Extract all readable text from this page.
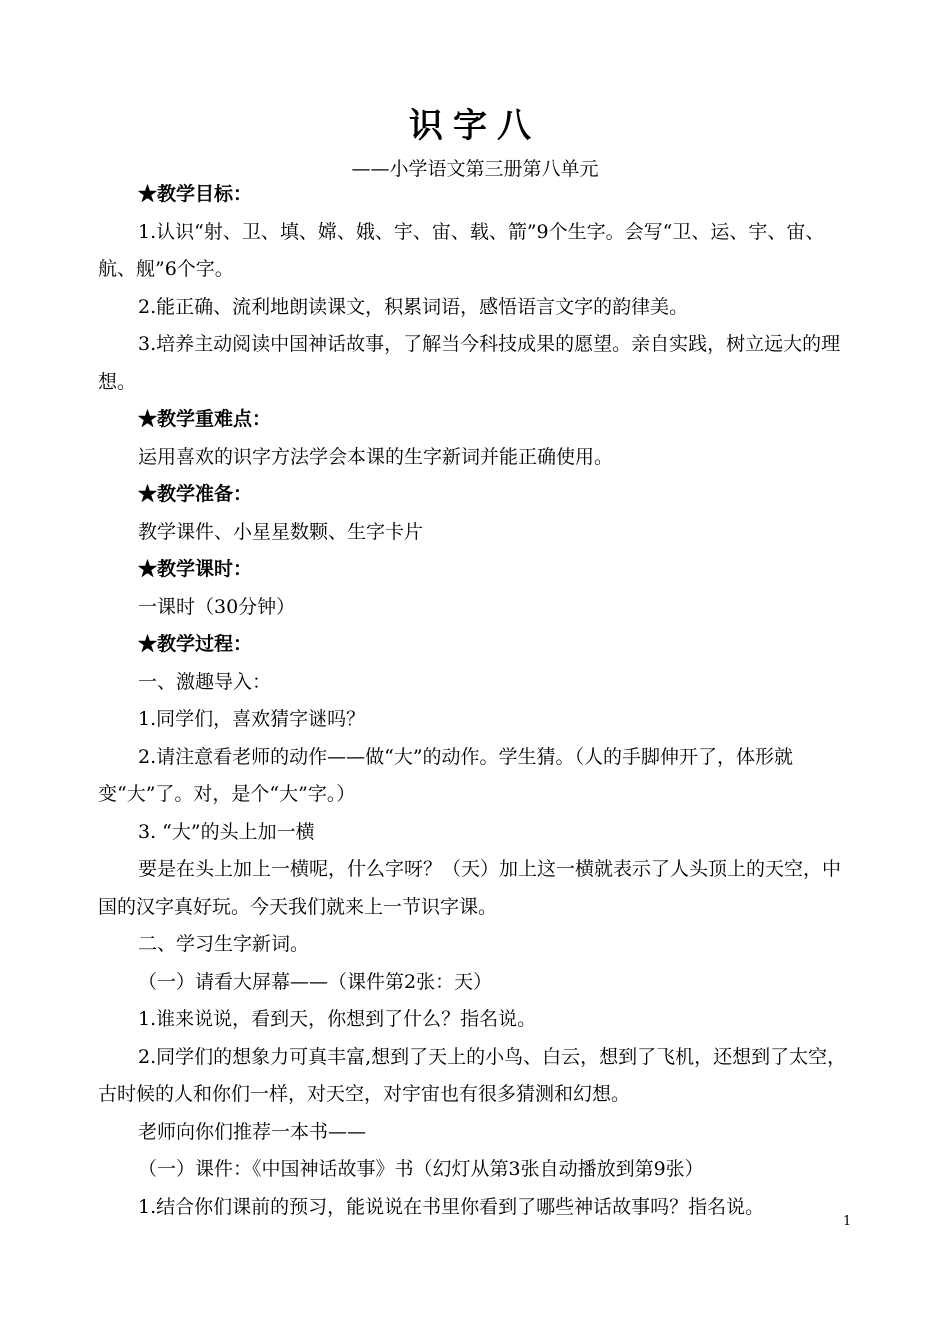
识字八
——小学语文第三册第八单元

★教学目标：

1.认识“射、卫、填、嫦、娥、宇、宙、载、箭”9个生字。会写“卫、运、宇、宙、航、舰”6个字。

2.能正确、流利地朗读课文，积累词语，感悟语言文字的韵律美。

3.培养主动阅读中国神话故事，了解当今科技成果的愿望。亲自实践，树立远大的理想。

★教学重难点：

运用喜欢的识字方法学会本课的生字新词并能正确使用。

★教学准备：

教学课件、小星星数颗、生字卡片

★教学课时：

一课时（30分钟）

★教学过程：

一、激趣导入：

1.同学们，喜欢猜字谜吗？

2.请注意看老师的动作——做“大”的动作。学生猜。（人的手脚伸开了，体形就变“大”了。对，是个“大”字。）

3. “大”的头上加一横

要是在头上加上一横呢，什么字呀？（天）加上这一横就表示了人头顶上的天空，中国的汉字真好玩。今天我们就来上一节识字课。

二、学习生字新词。

（一）请看大屏幕——（课件第2张：天）

1.谁来说说，看到天，你想到了什么？指名说。

2.同学们的想象力可真丰富,想到了天上的小鸟、白云，想到了飞机，还想到了太空，古时候的人和你们一样，对天空，对宇宙也有很多猜测和幻想。

老师向你们推荐一本书——

（一）课件：《中国神话故事》书（幻灯从第3张自动播放到第9张）

1.结合你们课前的预习，能说说在书里你看到了哪些神话故事吗？指名说。

1
